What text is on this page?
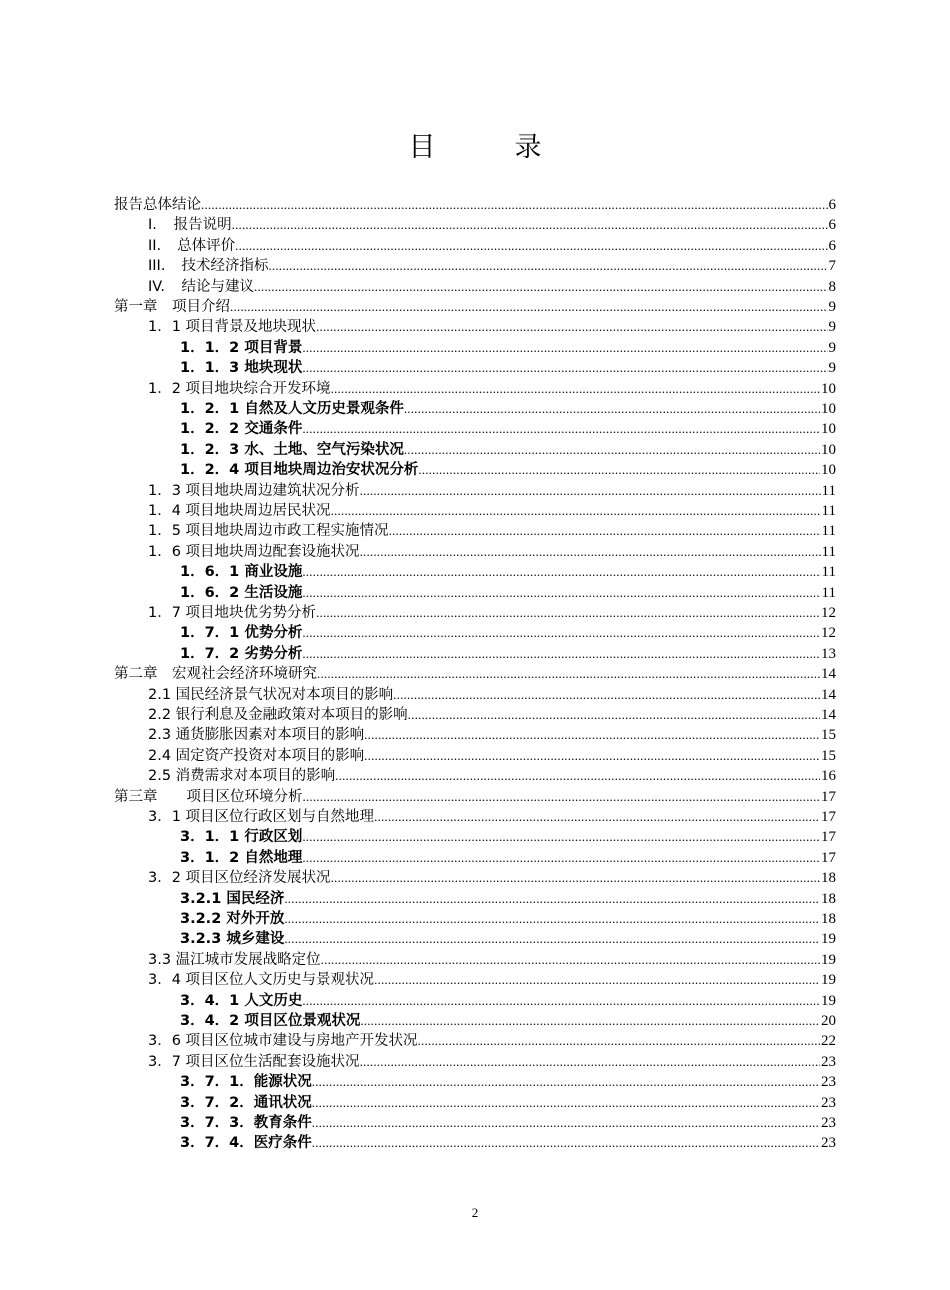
目　录
报告总体结论 .....	6
I. 报告说明 .....	6
II. 总体评价 .....	6
III. 技术经济指标 .....	7
IV. 结论与建议 .....	8
第一章　项目介绍 .....	9
1．1 项目背景及地块现状 .....	9
1．1．2 项目背景 .....	9
1．1．3 地块现状 .....	9
1．2 项目地块综合开发环境 .....	10
1．2．1 自然及人文历史景观条件 .....	10
1．2．2 交通条件 .....	10
1．2．3 水、土地、空气污染状况 .....	10
1．2．4 项目地块周边治安状况分析 .....	10
1．3 项目地块周边建筑状况分析 .....	11
1．4 项目地块周边居民状况 .....	11
1．5 项目地块周边市政工程实施情况 .....	11
1．6 项目地块周边配套设施状况 .....	11
1．6．1 商业设施 .....	11
1．6．2 生活设施 .....	11
1．7 项目地块优劣势分析 .....	12
1．7．1 优势分析 .....	12
1．7．2 劣势分析 .....	13
第二章　宏观社会经济环境研究 .....	14
2.1 国民经济景气状况对本项目的影响 .....	14
2.2 银行利息及金融政策对本项目的影响 .....	14
2.3 通货膨胀因素对本项目的影响 .....	15
2.4 固定资产投资对本项目的影响 .....	15
2.5 消费需求对本项目的影响 .....	16
第三章　　项目区位环境分析 .....	17
3．1 项目区位行政区划与自然地理 .....	17
3．1．1 行政区划 .....	17
3．1．2 自然地理 .....	17
3．2 项目区位经济发展状况 .....	18
3.2.1 国民经济 .....	18
3.2.2 对外开放 .....	18
3.2.3 城乡建设 .....	19
3.3 温江城市发展战略定位 .....	19
3．4 项目区位人文历史与景观状况 .....	19
3．4．1 人文历史 .....	19
3．4．2 项目区位景观状况 .....	20
3．6 项目区位城市建设与房地产开发状况 .....	22
3．7 项目区位生活配套设施状况 .....	23
3．7．1．能源状况 .....	23
3．7．2．通讯状况 .....	23
3．7．3．教育条件 .....	23
3．7．4．医疗条件 .....	23
2
